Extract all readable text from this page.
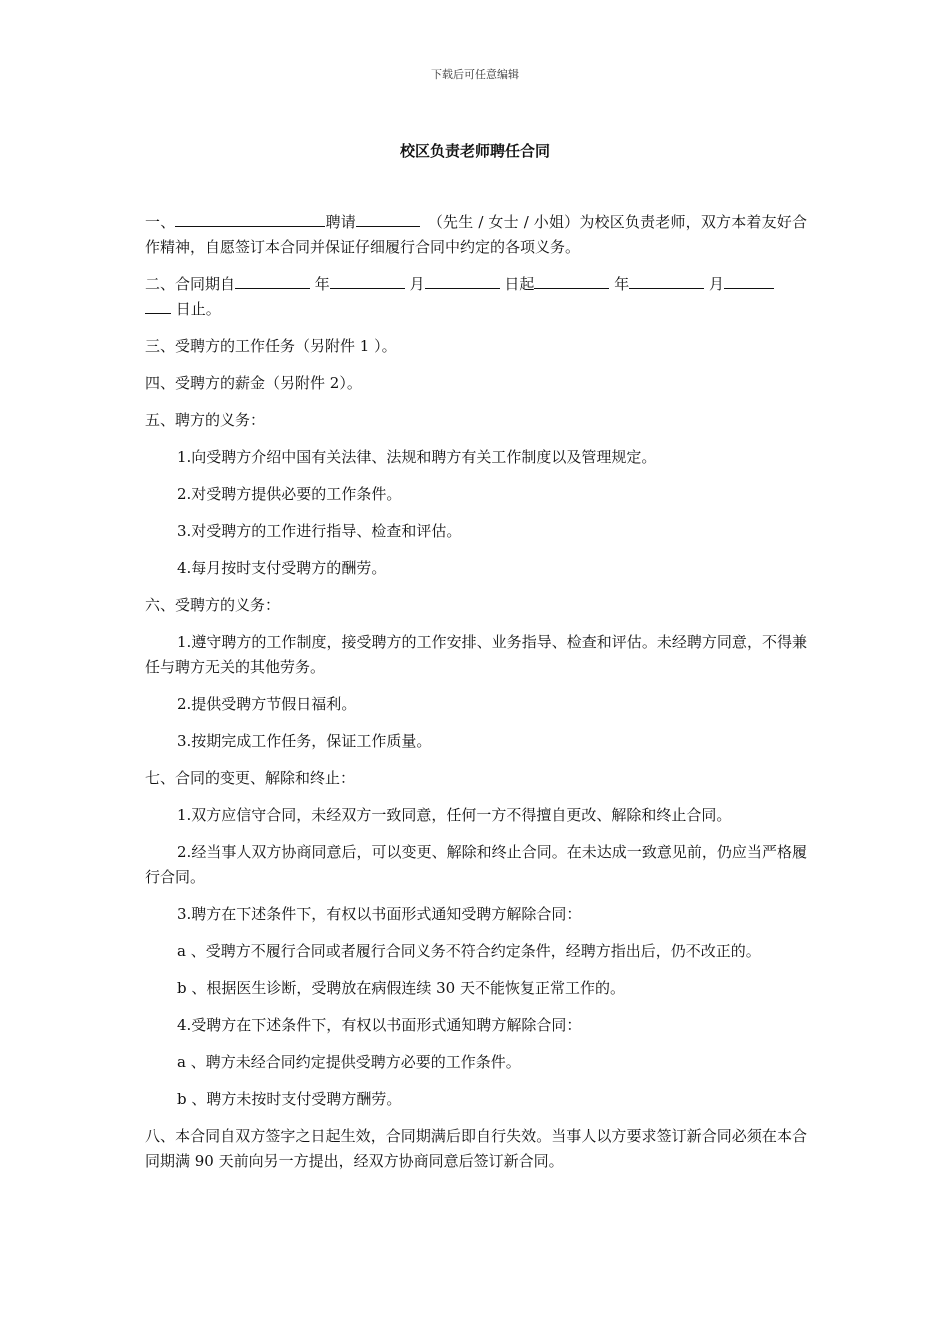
下载后可任意编辑
校区负责老师聘任合同

一、	聘请　	（先生 / 女士 / 小姐）为校区负责老师，双方本着友好合作精神，自愿签订本合同并保证仔细履行合同中约定的各项义务。

二、合同期自	年	月	日起	年	月
日止。

三、受聘方的工作任务（另附件 1 ）。

四、受聘方的薪金（另附件 2）。

五、聘方的义务：

1.向受聘方介绍中国有关法律、法规和聘方有关工作制度以及管理规定。

2.对受聘方提供必要的工作条件。

3.对受聘方的工作进行指导、检查和评估。

4.每月按时支付受聘方的酬劳。

六、受聘方的义务：

1.遵守聘方的工作制度，接受聘方的工作安排、业务指导、检查和评估。未经聘方同意，不得兼任与聘方无关的其他劳务。

2.提供受聘方节假日福利。

3.按期完成工作任务，保证工作质量。

七、合同的变更、解除和终止：

1.双方应信守合同，未经双方一致同意，任何一方不得擅自更改、解除和终止合同。

2.经当事人双方协商同意后，可以变更、解除和终止合同。在未达成一致意见前，仍应当严格履行合同。

3.聘方在下述条件下，有权以书面形式通知受聘方解除合同：

a 、受聘方不履行合同或者履行合同义务不符合约定条件，经聘方指出后，仍不改正的。

b 、根据医生诊断，受聘放在病假连续 30 天不能恢复正常工作的。

4.受聘方在下述条件下，有权以书面形式通知聘方解除合同：

a 、聘方未经合同约定提供受聘方必要的工作条件。

b 、聘方未按时支付受聘方酬劳。

八、本合同自双方签字之日起生效，合同期满后即自行失效。当事人以方要求签订新合同必须在本合同期满 90 天前向另一方提出，经双方协商同意后签订新合同。
